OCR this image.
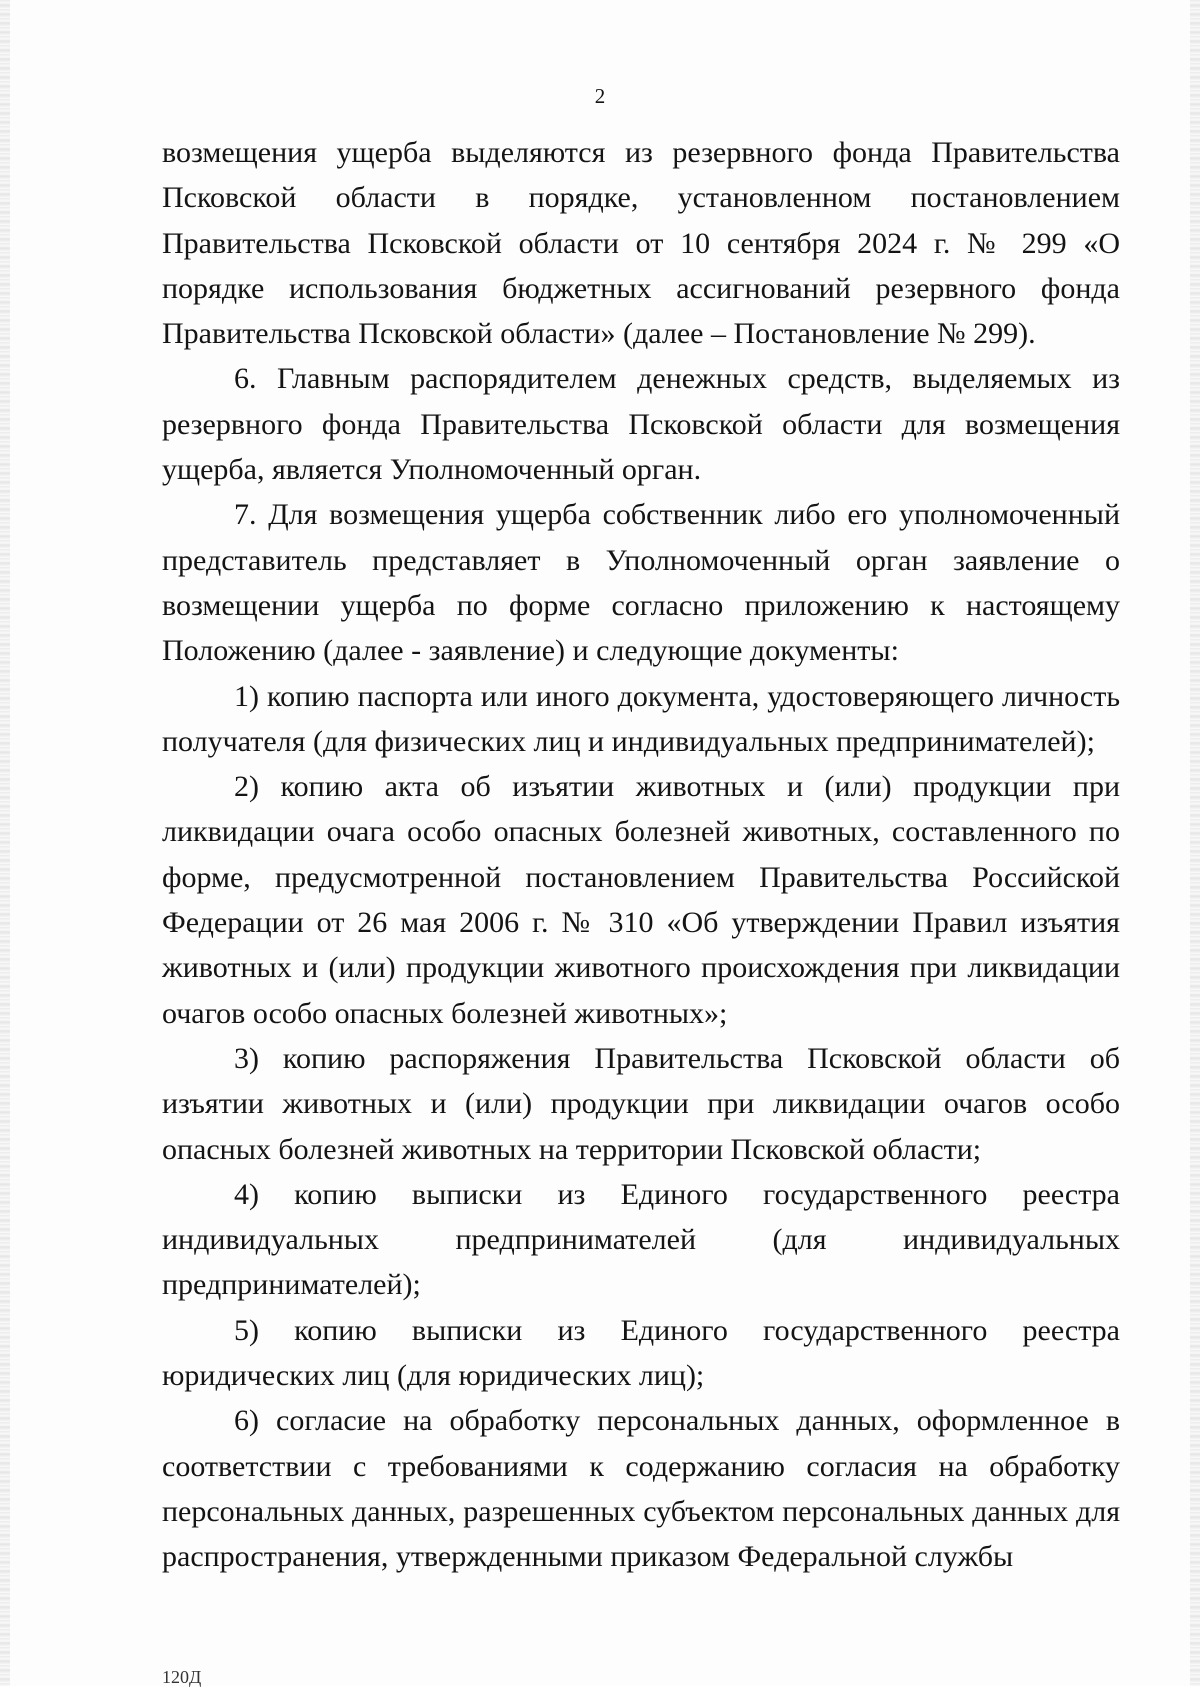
2

возмещения ущерба выделяются из резервного фонда Правительства Псковской области в порядке, установленном постановлением Правительства Псковской области от 10 сентября 2024 г. № 299 «О порядке использования бюджетных ассигнований резервного фонда Правительства Псковской области» (далее – Постановление № 299).

6. Главным распорядителем денежных средств, выделяемых из резервного фонда Правительства Псковской области для возмещения ущерба, является Уполномоченный орган.

7. Для возмещения ущерба собственник либо его уполномоченный представитель представляет в Уполномоченный орган заявление о возмещении ущерба по форме согласно приложению к настоящему Положению (далее - заявление) и следующие документы:

1) копию паспорта или иного документа, удостоверяющего личность получателя (для физических лиц и индивидуальных предпринимателей);

2) копию акта об изъятии животных и (или) продукции при ликвидации очага особо опасных болезней животных, составленного по форме, предусмотренной постановлением Правительства Российской Федерации от 26 мая 2006 г. № 310 «Об утверждении Правил изъятия животных и (или) продукции животного происхождения при ликвидации очагов особо опасных болезней животных»;

3) копию распоряжения Правительства Псковской области об изъятии животных и (или) продукции при ликвидации очагов особо опасных болезней животных на территории Псковской области;

4) копию выписки из Единого государственного реестра индивидуальных предпринимателей (для индивидуальных предпринимателей);

5) копию выписки из Единого государственного реестра юридических лиц (для юридических лиц);

6) согласие на обработку персональных данных, оформленное в соответствии с требованиями к содержанию согласия на обработку персональных данных, разрешенных субъектом персональных данных для распространения, утвержденными приказом Федеральной службы

120Д
